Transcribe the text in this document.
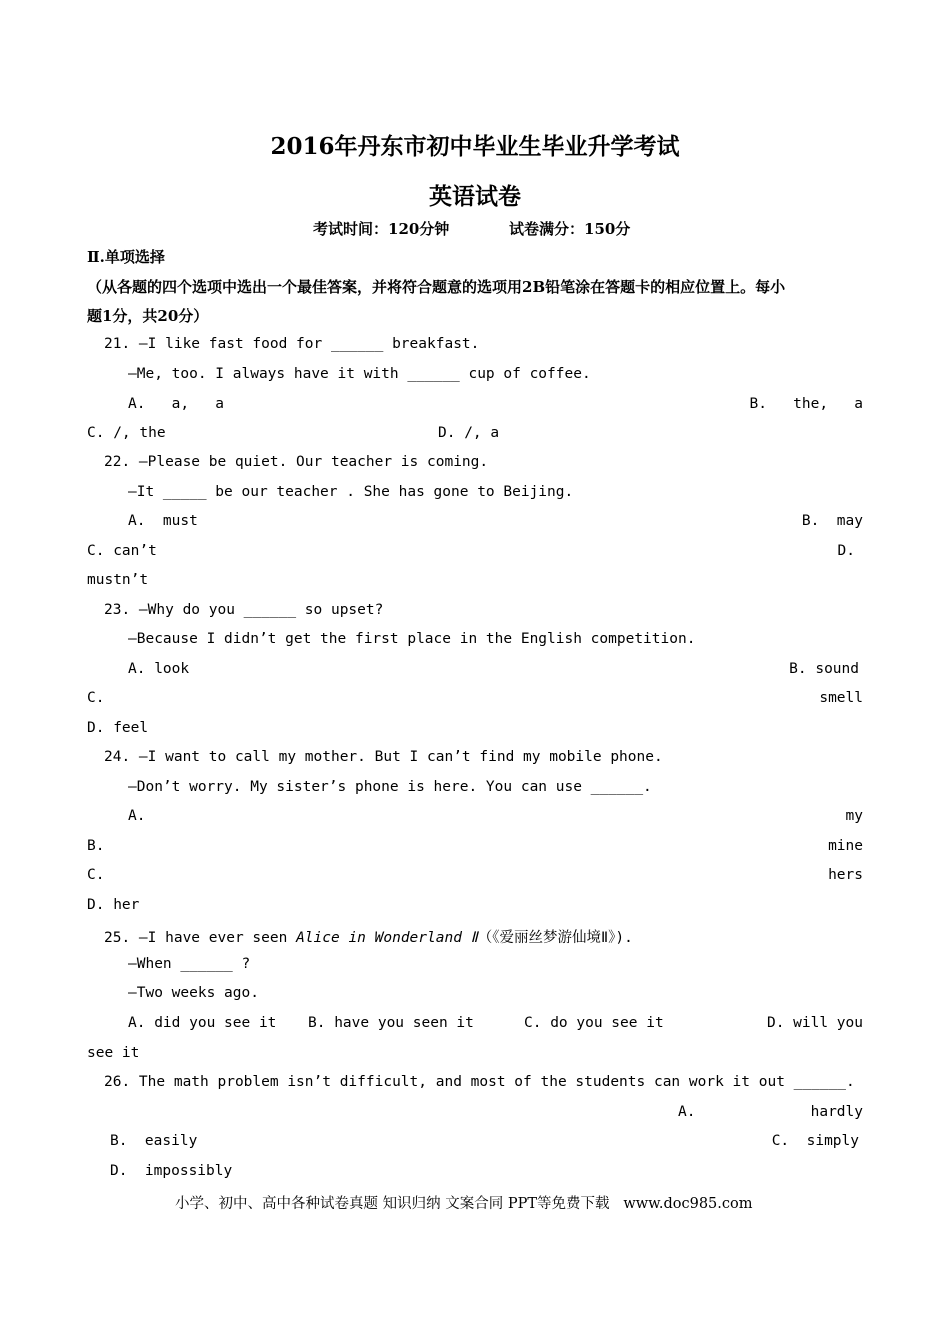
2016年丹东市初中毕业生毕业升学考试
英语试卷
考试时间：120分钟	试卷满分：150分
Ⅱ.单项选择
（从各题的四个选项中选出一个最佳答案，并将符合题意的选项用2B铅笔涂在答题卡的相应位置上。每小
题1分，共20分）
21. —I like fast food for ______ breakfast.
—Me, too. I always have it with ______ cup of coffee.
A.   a,   a	B.   the,   a
C. /, the	D. /, a
22. —Please be quiet. Our teacher is coming.
—It _____ be our teacher . She has gone to Beijing.
A.  must	B.  may
C. can’t	D.
mustn’t
23. —Why do you ______ so upset?
—Because I didn’t get the first place in the English competition.
A. look	B. sound
C.	smell
D. feel
24. —I want to call my mother. But I can’t find my mobile phone.
—Don’t worry. My sister’s phone is here. You can use ______.
A.	my
B.	mine
C.	hers
D. her
25. —I have ever seen Alice in Wonderland Ⅱ（《爱丽丝梦游仙境Ⅱ》).
—When ______ ?
—Two weeks ago.
A. did you see it B. have you seen it	C. do you see it	D. will you
see it
26. The math problem isn’t difficult, and most of the students can work it out ______.
A.	hardly
B.  easily	C.  simply
D.  impossibly
小学、初中、高中各种试卷真题 知识归纳 文案合同 PPT等免费下载   www.doc985.com
